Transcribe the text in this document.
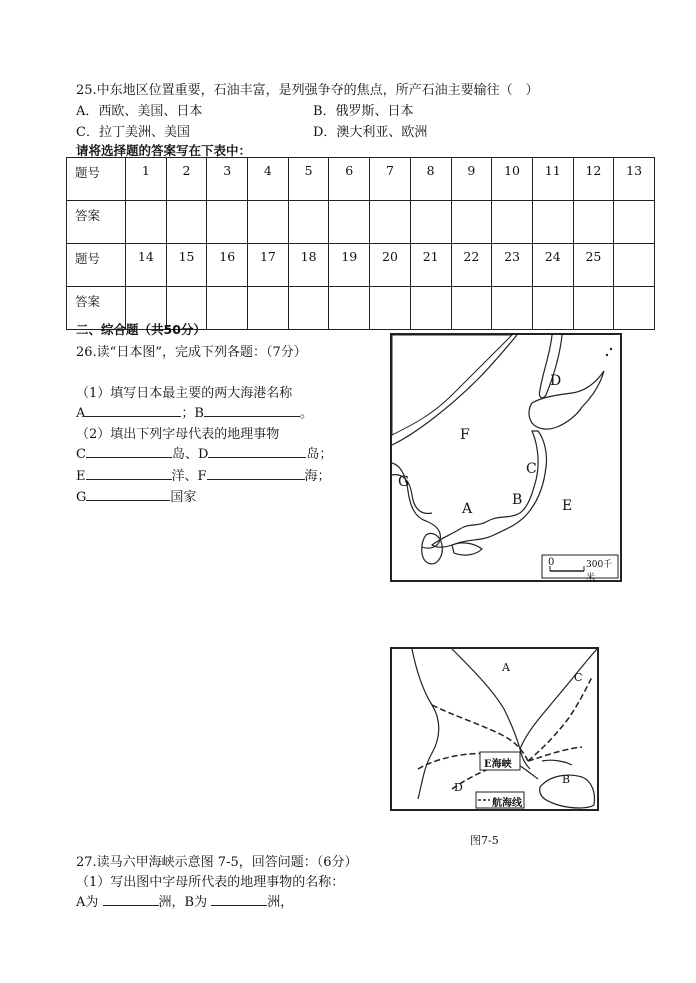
25.中东地区位置重要，石油丰富，是列强争夺的焦点，所产石油主要输往（　）
A．西欧、美国、日本	B．俄罗斯、日本
C．拉丁美洲、美国	D．澳大利亚、欧洲
请将选择题的答案写在下表中：
题号	1	2	3	4	5	6	7	8	9	10	11	12	13
答案													
题号	14	15	16	17	18	19	20	21	22	23	24	25	
答案													
二、综合题（共50分）
26.读“日本图”，完成下列各题：（7分）
（1）填写日本最主要的两大海港名称
A	；B	。
（2）填出下列字母代表的地理事物
C	岛、D	岛；
E	洋、F	海；
G	国家
D
F
C
G
B
A	E
0	300千米
A
C
D
B
E海峡
航海线
图7-5
27.读马六甲海峡示意图 7-5，回答问题：（6分）
（1）写出图中字母所代表的地理事物的名称：
A为	洲，B为	洲，
